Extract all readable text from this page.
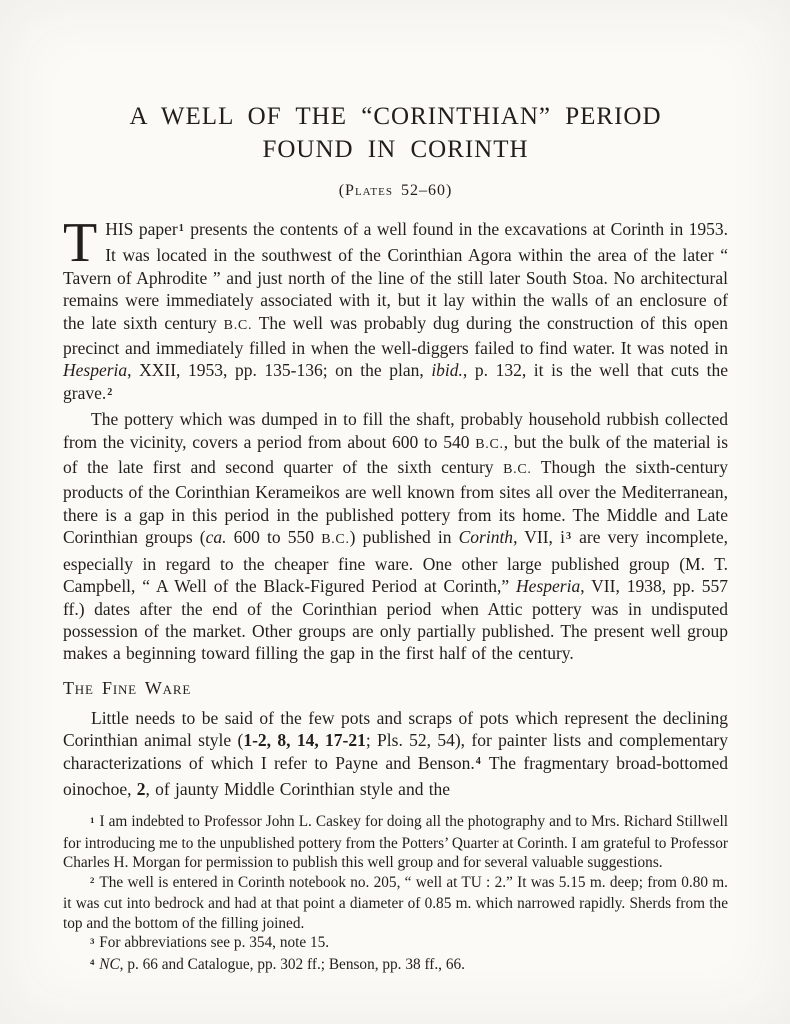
A WELL OF THE “CORINTHIAN” PERIOD
FOUND IN CORINTH
(Plates 52–60)

THIS paper$^1$ presents the contents of a well found in the excavations at Corinth in 1953. It was located in the southwest of the Corinthian Agora within the area of the later “ Tavern of Aphrodite ” and just north of the line of the still later South Stoa. No architectural remains were immediately associated with it, but it lay within the walls of an enclosure of the late sixth century B.C. The well was probably dug during the construction of this open precinct and immediately filled in when the well-diggers failed to find water. It was noted in Hesperia, XXII, 1953, pp. 135-136; on the plan, ibid., p. 132, it is the well that cuts the grave.$^2$

The pottery which was dumped in to fill the shaft, probably household rubbish collected from the vicinity, covers a period from about 600 to 540 B.C., but the bulk of the material is of the late first and second quarter of the sixth century B.C. Though the sixth-century products of the Corinthian Kerameikos are well known from sites all over the Mediterranean, there is a gap in this period in the published pottery from its home. The Middle and Late Corinthian groups (ca. 600 to 550 B.C.) published in Corinth, VII, $i^3$ are very incomplete, especially in regard to the cheaper fine ware. One other large published group (M. T. Campbell, “ A Well of the Black-Figured Period at Corinth,” Hesperia, VII, 1938, pp. 557 ff.) dates after the end of the Corinthian period when Attic pottery was in undisputed possession of the market. Other groups are only partially published. The present well group makes a beginning toward filling the gap in the first half of the century.

The Fine Ware

Little needs to be said of the few pots and scraps of pots which represent the declining Corinthian animal style (1-2, 8, 14, 17-21; Pls. 52, 54), for painter lists and complementary characterizations of which I refer to Payne and Benson.$^4$ The fragmentary broad-bottomed oinochoe, 2, of jaunty Middle Corinthian style and the

$^1$ I am indebted to Professor John L. Caskey for doing all the photography and to Mrs. Richard Stillwell for introducing me to the unpublished pottery from the Potters’ Quarter at Corinth. I am grateful to Professor Charles H. Morgan for permission to publish this well group and for several valuable suggestions.

$^2$ The well is entered in Corinth notebook no. 205, “ well at TU : 2.” It was 5.15 m. deep; from 0.80 m. it was cut into bedrock and had at that point a diameter of 0.85 m. which narrowed rapidly. Sherds from the top and the bottom of the filling joined.

$^3$ For abbreviations see p. 354, note 15.

$^4$ NC, p. 66 and Catalogue, pp. 302 ff.; Benson, pp. 38 ff., 66.
